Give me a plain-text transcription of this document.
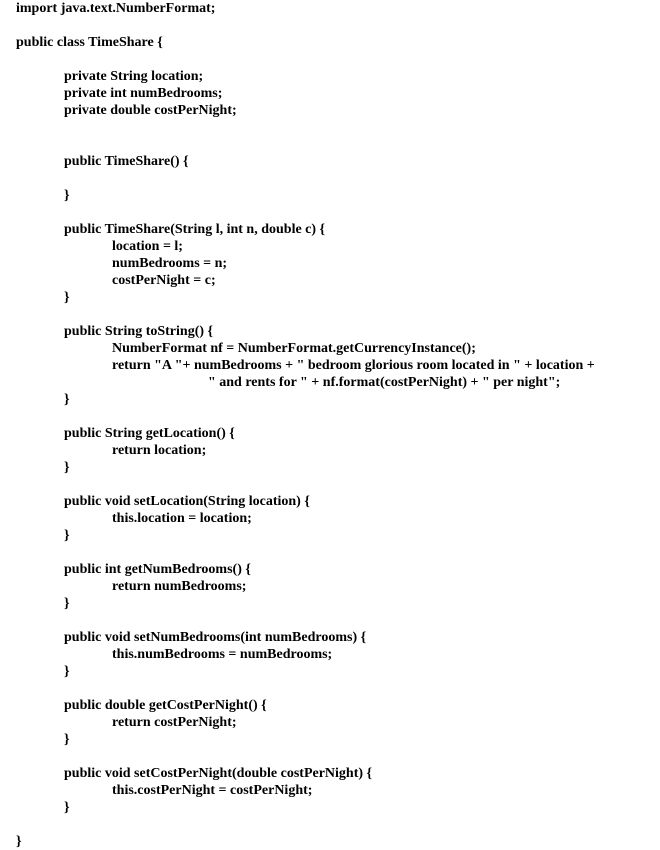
import java.text.NumberFormat;
public class TimeShare {
private String location;
private int numBedrooms;
private double costPerNight;
public TimeShare() {
}
public TimeShare(String l, int n, double c) {
location = l;
numBedrooms = n;
costPerNight = c;
}
public String toString() {
NumberFormat nf = NumberFormat.getCurrencyInstance();
return "A "+ numBedrooms + " bedroom glorious room located in " + location +
" and rents for " + nf.format(costPerNight) + " per night";
}
public String getLocation() {
return location;
}
public void setLocation(String location) {
this.location = location;
}
public int getNumBedrooms() {
return numBedrooms;
}
public void setNumBedrooms(int numBedrooms) {
this.numBedrooms = numBedrooms;
}
public double getCostPerNight() {
return costPerNight;
}
public void setCostPerNight(double costPerNight) {
this.costPerNight = costPerNight;
}
}
